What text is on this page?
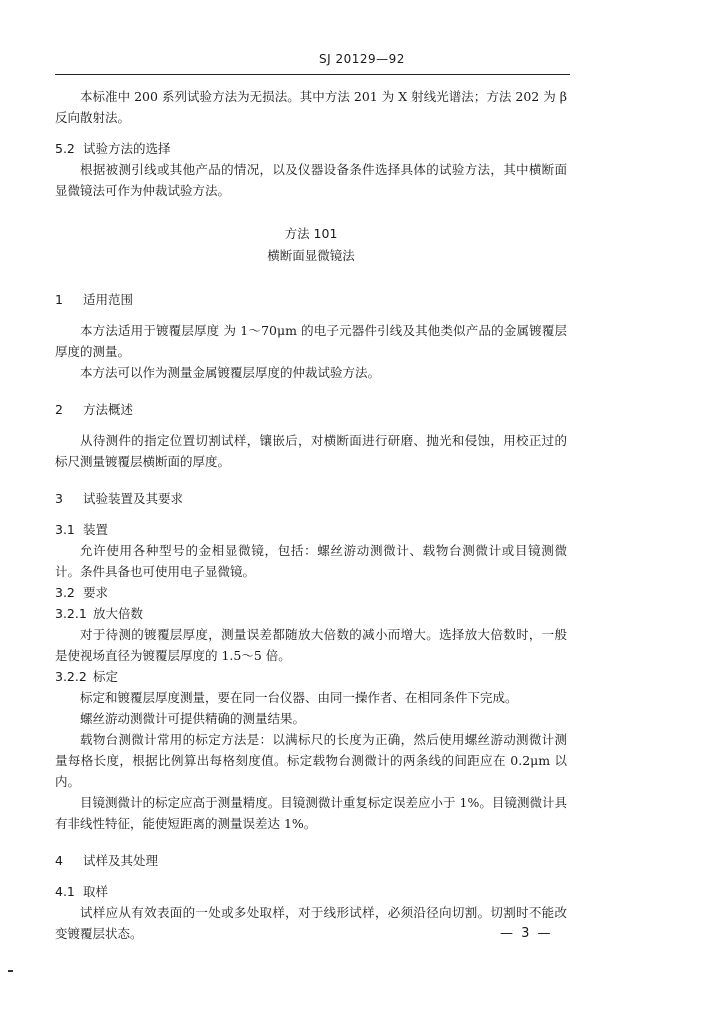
SJ 20129—92

本标准中 200 系列试验方法为无损法。其中方法 201 为 X 射线光谱法；方法 202 为 β 反向散射法。

5.2 试验方法的选择

根据被测引线或其他产品的情况，以及仪器设备条件选择具体的试验方法，其中横断面显微镜法可作为仲裁试验方法。

方法 101

横断面显微镜法

1 适用范围

本方法适用于镀覆层厚度 为 1～70μm 的电子元器件引线及其他类似产品的金属镀覆层厚度的测量。

本方法可以作为测量金属镀覆层厚度的仲裁试验方法。

2 方法概述

从待测件的指定位置切割试样，镶嵌后，对横断面进行研磨、抛光和侵蚀，用校正过的标尺测量镀覆层横断面的厚度。

3 试验装置及其要求

3.1 装置

允许使用各种型号的金相显微镜，包括：螺丝游动测微计、载物台测微计或目镜测微计。条件具备也可使用电子显微镜。

3.2 要求

3.2.1 放大倍数

对于待测的镀覆层厚度，测量误差都随放大倍数的减小而增大。选择放大倍数时，一般是使视场直径为镀覆层厚度的 1.5～5 倍。

3.2.2 标定

标定和镀覆层厚度测量，要在同一台仪器、由同一操作者、在相同条件下完成。

螺丝游动测微计可提供精确的测量结果。

载物台测微计常用的标定方法是：以满标尺的长度为正确，然后使用螺丝游动测微计测量每格长度，根据比例算出每格刻度值。标定载物台测微计的两条线的间距应在 0.2μm 以内。

目镜测微计的标定应高于测量精度。目镜测微计重复标定误差应小于 1%。目镜测微计具有非线性特征，能使短距离的测量误差达 1%。

4 试样及其处理

4.1 取样

试样应从有效表面的一处或多处取样，对于线形试样，必须沿径向切割。切割时不能改变镀覆层状态。	— 3 —
